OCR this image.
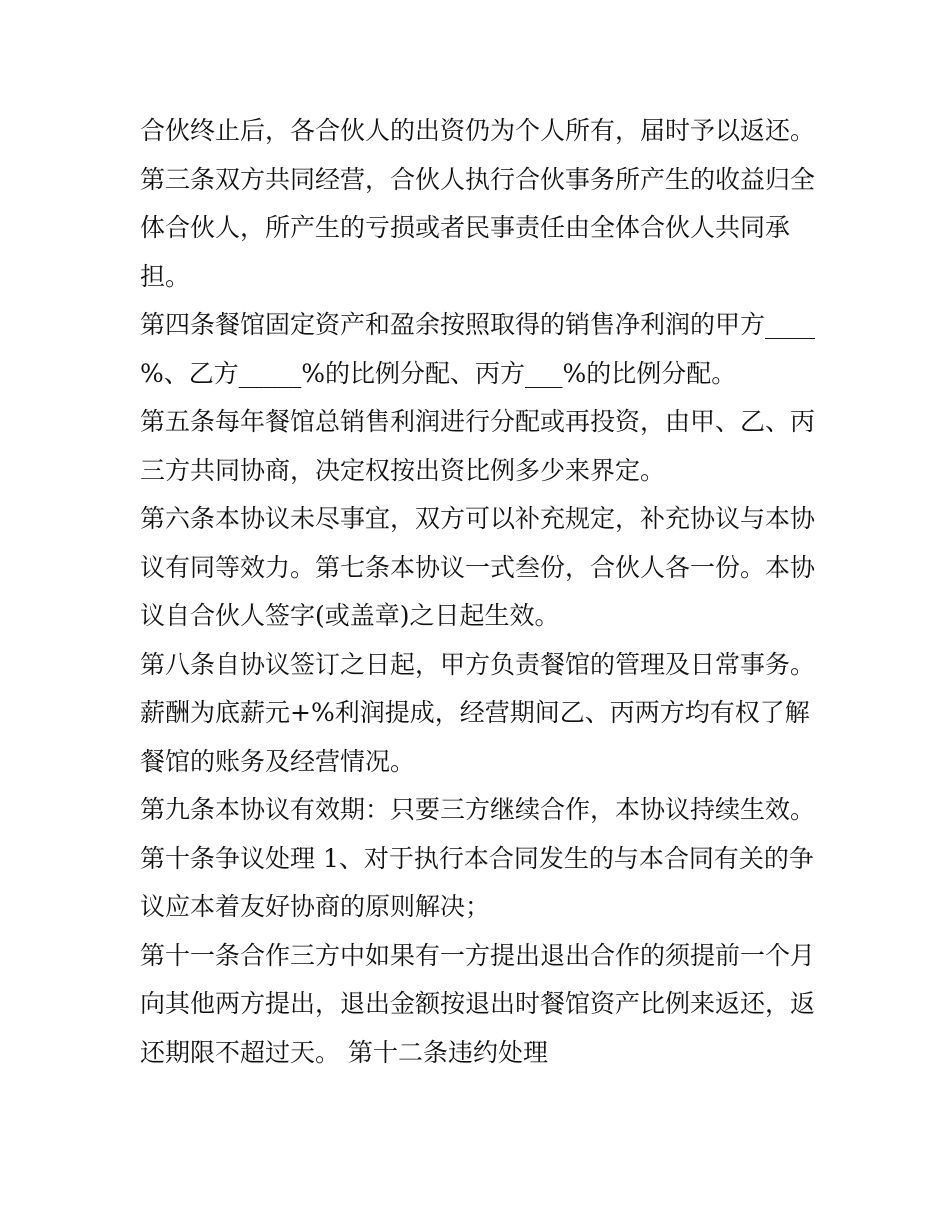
合伙终止后，各合伙人的出资仍为个人所有，届时予以返还。
第三条双方共同经营，合伙人执行合伙事务所产生的收益归全
体合伙人，所产生的亏损或者民事责任由全体合伙人共同承
担。
第四条餐馆固定资产和盈余按照取得的销售净利润的甲方____
%、乙方_____%的比例分配、丙方___%的比例分配。
第五条每年餐馆总销售利润进行分配或再投资，由甲、乙、丙
三方共同协商，决定权按出资比例多少来界定。
第六条本协议未尽事宜，双方可以补充规定，补充协议与本协
议有同等效力。第七条本协议一式叁份，合伙人各一份。本协
议自合伙人签字(或盖章)之日起生效。
第八条自协议签订之日起，甲方负责餐馆的管理及日常事务。
薪酬为底薪元+%利润提成，经营期间乙、丙两方均有权了解
餐馆的账务及经营情况。
第九条本协议有效期：只要三方继续合作，本协议持续生效。
第十条争议处理 1、对于执行本合同发生的与本合同有关的争
议应本着友好协商的原则解决；
第十一条合作三方中如果有一方提出退出合作的须提前一个月
向其他两方提出，退出金额按退出时餐馆资产比例来返还，返
还期限不超过天。 第十二条违约处理
